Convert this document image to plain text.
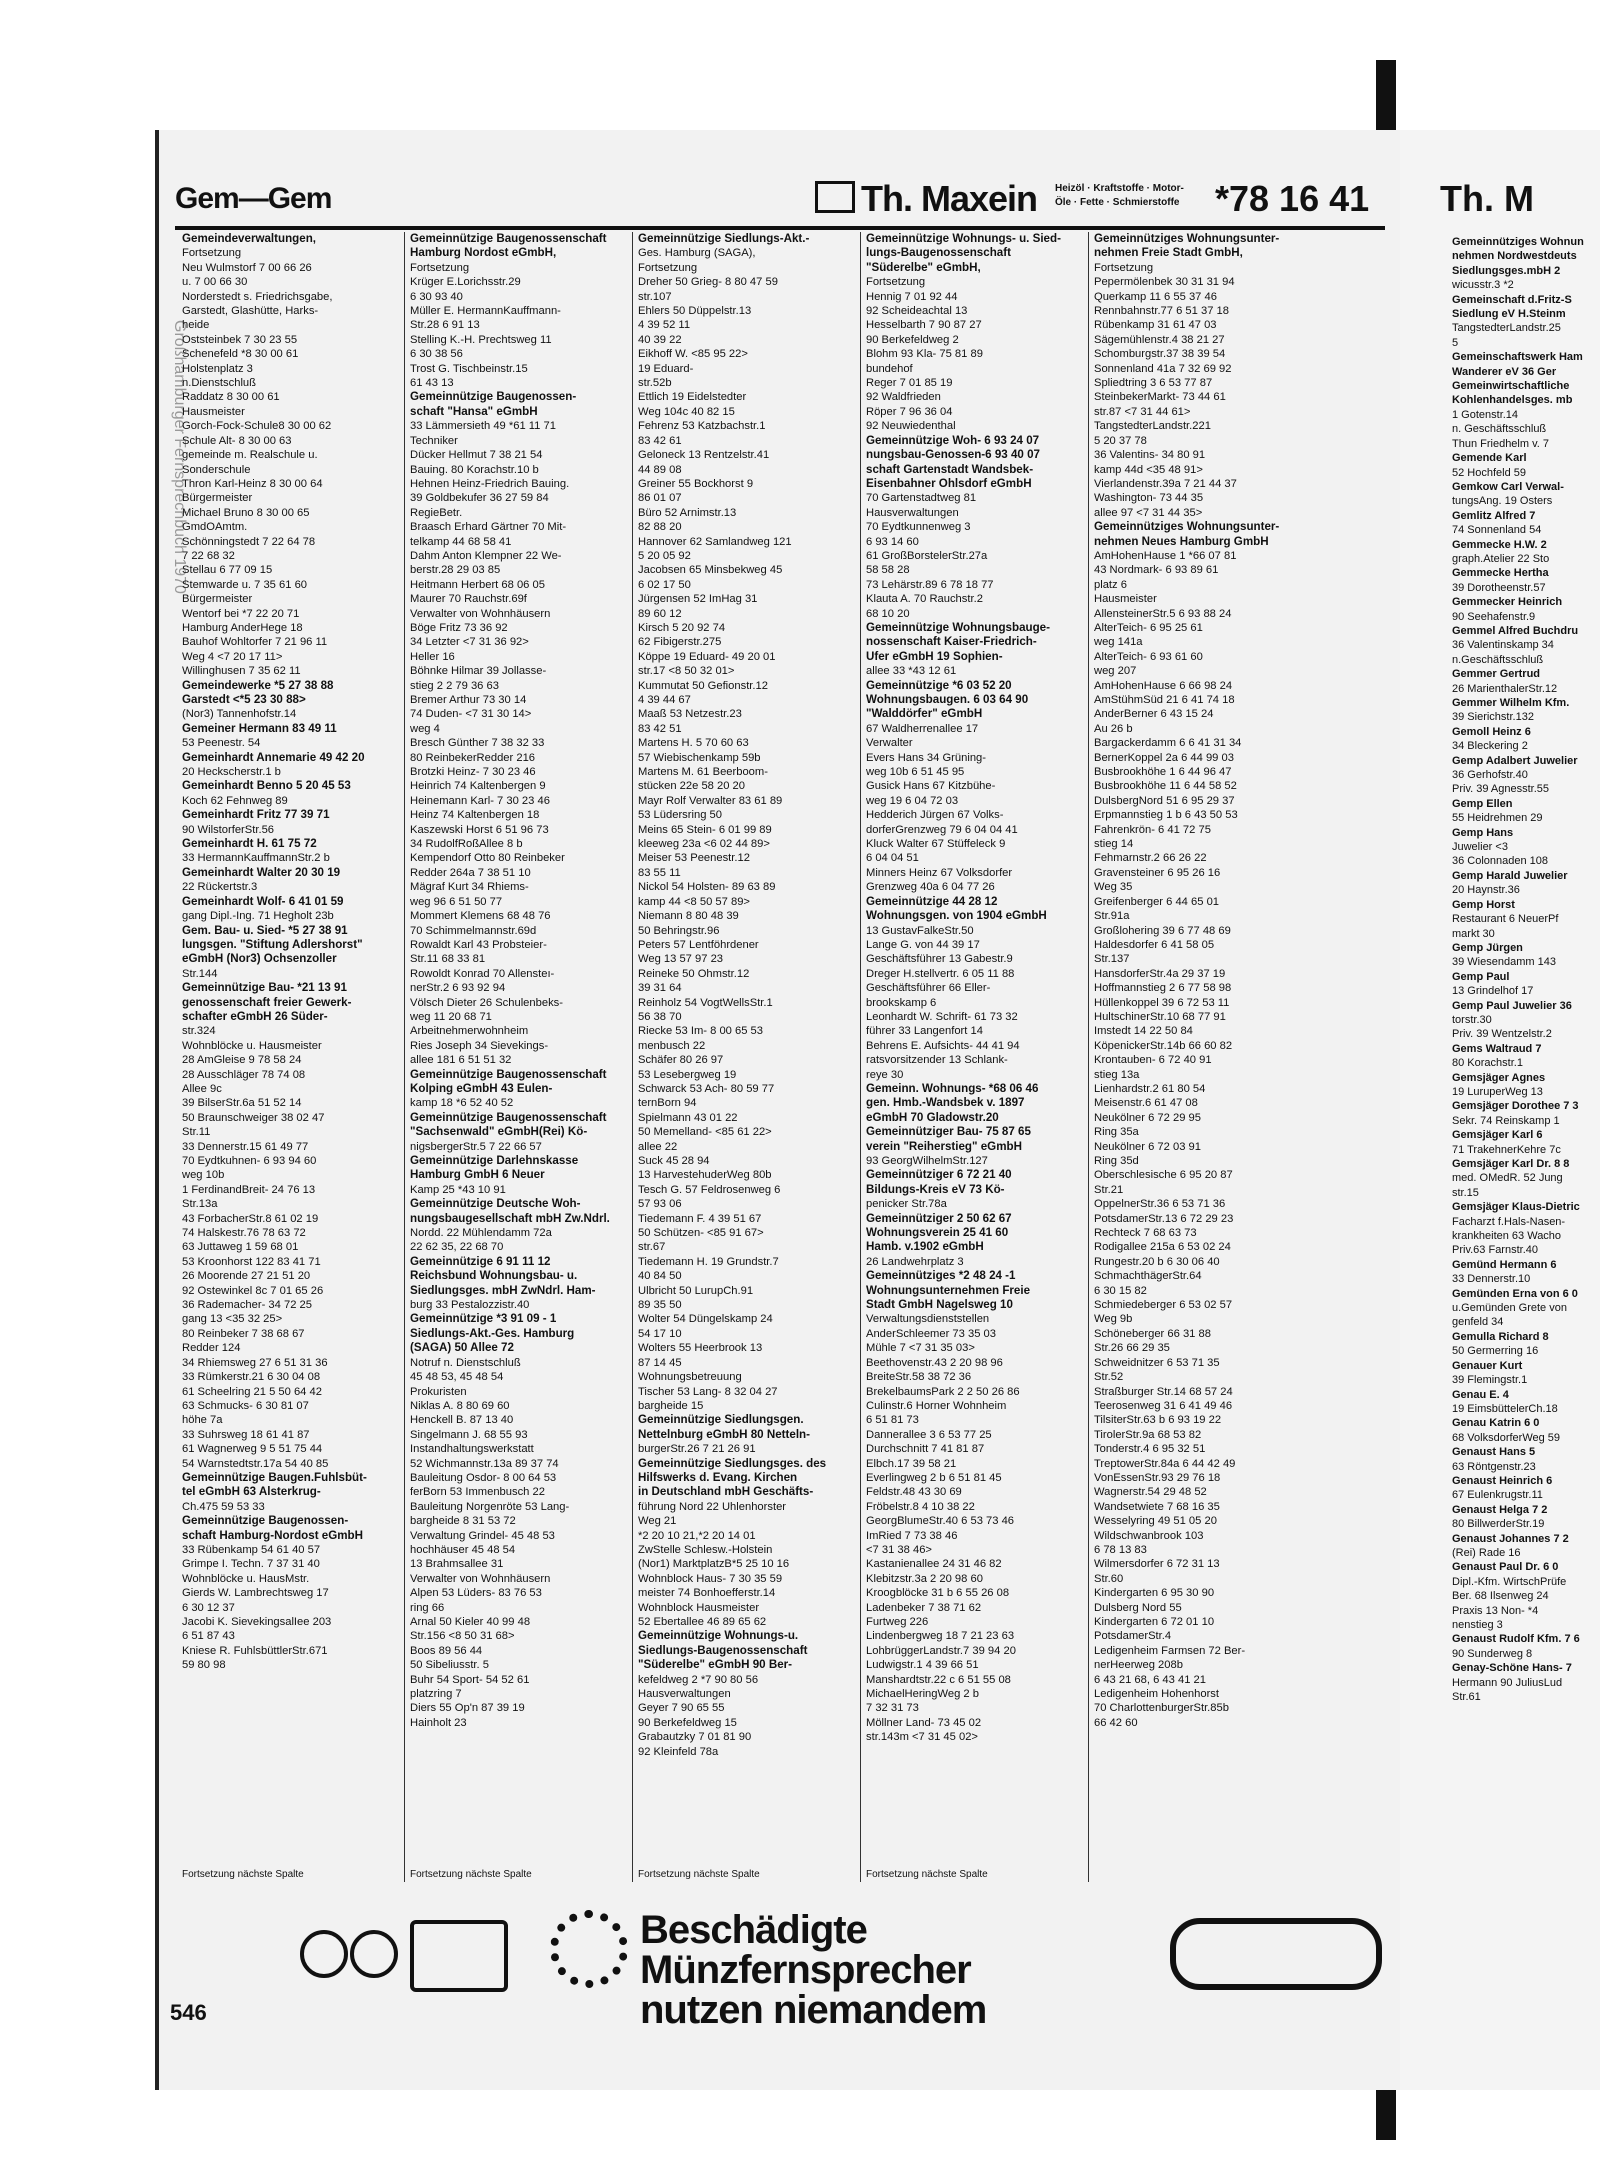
Th. M
Gemeinnütziges Wohnun
nehmen Nordwestdeuts
Siedlungsges.mbH 2
wicusstr.3 *2
Gemeinschaft d.Fritz-S
Siedlung eV H.Steinm
TangstedterLandstr.25
5
Gemeinschaftswerk Ham
Wanderer eV 36 Ger
Gemeinwirtschaftliche
Kohlenhandelsges. mb
1 Gotenstr.14
n. Geschäftsschluß
Thun Friedhelm v. 7
Gemende Karl
52 Hochfeld 59
Gemkow Carl Verwal-
tungsAng. 19 Osters
Gemlitz Alfred 7
74 Sonnenland 54
Gemmecke H.W. 2
graph.Atelier 22 Sto
Gemmecke Hertha
39 Dorotheenstr.57
Gemmecker Heinrich
90 Seehafenstr.9
Gemmel Alfred Buchdru
36 Valentinskamp 34
n.Geschäftsschluß
Gemmer Gertrud
26 MarienthalerStr.12
Gemmer Wilhelm Kfm.
39 Sierichstr.132
Gemoll Heinz 6
34 Bleckering 2
Gemp Adalbert Juwelier
36 Gerhofstr.40
Priv. 39 Agnesstr.55
Gemp Ellen
55 Heidrehmen 29
Gemp Hans
Juwelier <3
36 Colonnaden 108
Gemp Harald Juwelier
20 Haynstr.36
Gemp Horst
Restaurant 6 NeuerPf
markt 30
Gemp Jürgen
39 Wiesendamm 143
Gemp Paul
13 Grindelhof 17
Gemp Paul Juwelier 36
torstr.30
Priv. 39 Wentzelstr.2
Gems Waltraud 7
80 Korachstr.1
Gemsjäger Agnes
19 LuruperWeg 13
Gemsjäger Dorothee 7 3
Sekr. 74 Reinskamp 1
Gemsjäger Karl 6
71 TrakehnerKehre 7c
Gemsjäger Karl Dr. 8 8
med. OMedR. 52 Jung
str.15
Gemsjäger Klaus-Dietric
Facharzt f.Hals-Nasen-
krankheiten 63 Wacho
Priv.63 Farnstr.40
Gemünd Hermann 6
33 Dennerstr.10
Gemünden Erna von 6 0
u.Gemünden Grete von
genfeld 34
Gemulla Richard 8
50 Germerring 16
Genauer Kurt
39 Flemingstr.1
Genau E. 4
19 EimsbüttelerCh.18
Genau Katrin 6 0
68 VolksdorferWeg 59
Genaust Hans 5
63 Röntgenstr.23
Genaust Heinrich 6
67 Eulenkrugstr.11
Genaust Helga 7 2
80 BillwerderStr.19
Genaust Johannes 7 2
(Rei) Rade 16
Genaust Paul Dr. 6 0
Dipl.-Kfm. WirtschPrüfe
Ber. 68 Ilsenweg 24
Praxis 13 Non- *4
nenstieg 3
Genaust Rudolf Kfm. 7 6
90 Sunderweg 8
Genay-Schöne Hans- 7
Hermann 90 JuliusLud
Str.61
Großhamburger Fernsprechbuch 1970
Gem—Gem	Th. Maxein Heizöl · Kraftstoffe · Motor-
Öle · Fette · Schmierstoffe *78 16 41
Gemeindeverwaltungen,
Fortsetzung
Neu Wulmstorf 7 00 66 26
u. 7 00 66 30
Norderstedt s. Friedrichsgabe,
Garstedt, Glashütte, Harks-
heide
Oststeinbek 7 30 23 55
Schenefeld *8 30 00 61
Holstenplatz 3
n.Dienstschluß
Raddatz 8 30 00 61
Hausmeister
Gorch-Fock-Schule8 30 00 62
Schule Alt- 8 30 00 63
gemeinde m. Realschule u.
Sonderschule
Thron Karl-Heinz 8 30 00 64
Bürgermeister
Michael Bruno 8 30 00 65
GmdOAmtm.
Schönningstedt 7 22 64 78
7 22 68 32
Stellau 6 77 09 15
Stemwarde u. 7 35 61 60
Bürgermeister
Wentorf bei *7 22 20 71
Hamburg AnderHege 18
Bauhof Wohltorfer 7 21 96 11
Weg 4 <7 20 17 11>
Willinghusen 7 35 62 11
Gemeindewerke *5 27 38 88
Garstedt <*5 23 30 88>
(Nor3) Tannenhofstr.14
Gemeiner Hermann 83 49 11
53 Peenestr. 54
Gemeinhardt Annemarie 49 42 20
20 Heckscherstr.1 b
Gemeinhardt Benno 5 20 45 53
Koch 62 Fehnweg 89
Gemeinhardt Fritz 77 39 71
90 WilstorferStr.56
Gemeinhardt H. 61 75 72
33 HermannKauffmannStr.2 b
Gemeinhardt Walter 20 30 19
22 Rückertstr.3
Gemeinhardt Wolf- 6 41 01 59
gang Dipl.-Ing. 71 Hegholt 23b
Gem. Bau- u. Sied- *5 27 38 91
lungsgen. "Stiftung Adlershorst"
eGmbH (Nor3) Ochsenzoller
Str.144
Gemeinnützige Bau- *21 13 91
genossenschaft freier Gewerk-
schafter eGmbH 26 Süder-
str.324
Wohnblöcke u. Hausmeister
28 AmGleise 9 78 58 24
28 Ausschläger 78 74 08
Allee 9c
39 BilserStr.6a 51 52 14
50 Braunschweiger 38 02 47
Str.11
33 Dennerstr.15 61 49 77
70 Eydtkuhnen- 6 93 94 60
weg 10b
1 FerdinandBreit- 24 76 13
Str.13a
43 ForbacherStr.8 61 02 19
74 Halskestr.76 78 63 72
63 Juttaweg 1 59 68 01
53 Kroonhorst 122 83 41 71
26 Moorende 27 21 51 20
92 Ostewinkel 8c 7 01 65 26
36 Rademacher- 34 72 25
gang 13 <35 32 25>
80 Reinbeker 7 38 68 67
Redder 124
34 Rhiemsweg 27 6 51 31 36
33 Rümkerstr.21 6 30 04 08
61 Scheelring 21 5 50 64 42
63 Schmucks- 6 30 81 07
höhe 7a
33 Suhrsweg 18 61 41 87
61 Wagnerweg 9 5 51 75 44
54 Warnstedtstr.17a 54 40 85
Gemeinnützige Baugen.Fuhlsbüt-
tel eGmbH 63 Alsterkrug-
Ch.475 59 53 33
Gemeinnützige Baugenossen-
schaft Hamburg-Nordost eGmbH
33 Rübenkamp 54 61 40 57
Grimpe I. Techn. 7 37 31 40
Wohnblöcke u. HausMstr.
Gierds W. Lambrechtsweg 17
6 30 12 37
Jacobi K. SievekingsalIee 203
6 51 87 43
Kniese R. FuhlsbüttlerStr.671
59 80 98
Fortsetzung nächste Spalte
Gemeinnützige Baugenossenschaft
Hamburg Nordost eGmbH,
Fortsetzung
Krüger E.Lorichsstr.29
6 30 93 40
Müller E. HermannKauffmann-
Str.28 6 91 13
Stelling K.-H. Prechtsweg 11
6 30 38 56
Trost G. Tischbeinstr.15
61 43 13
Gemeinnützige Baugenossen-
schaft "Hansa" eGmbH
33 Lämmersieth 49 *61 11 71
Techniker
Dücker Hellmut 7 38 21 54
Bauing. 80 Korachstr.10 b
Hehnen Heinz-Friedrich Bauing.
39 Goldbekufer 36 27 59 84
RegieBetr.
Braasch Erhard Gärtner 70 Mit-
telkamp 44 68 58 41
Dahm Anton Klempner 22 We-
berstr.28 29 03 85
Heitmann Herbert 68 06 05
Maurer 70 Rauchstr.69f
Verwalter von Wohnhäusern
Böge Fritz 73 36 92
34 Letzter <7 31 36 92>
Heller 16
Böhnke Hilmar 39 Jollasse-
stieg 2 2 79 36 63
Bremer Arthur 73 30 14
74 Duden- <7 31 30 14>
weg 4
Bresch Günther 7 38 32 33
80 ReinbekerRedder 216
Brotzki Heinz- 7 30 23 46
Heinrich 74 Kaltenbergen 9
Heinemann Karl- 7 30 23 46
Heinz 74 Kaltenbergen 18
Kaszewski Horst 6 51 96 73
34 RudolfRoßAllee 8 b
Kempendorf Otto 80 Reinbeker
Redder 264a 7 38 51 10
Mägraf Kurt 34 Rhiems-
weg 96 6 51 50 77
Mommert Klemens 68 48 76
70 Schimmelmannstr.69d
Rowaldt Karl 43 Probsteier-
Str.11 68 33 81
Rowoldt Konrad 70 Allensteı-
nerStr.2 6 93 92 94
Völsch Dieter 26 Schulenbeks-
weg 11 20 68 71
Arbeitnehmerwohnheim
Ries Joseph 34 Sievekings-
allee 181 6 51 51 32
Gemeinnützige Baugenossenschaft
Kolping eGmbH 43 Eulen-
kamp 18 *6 52 40 52
Gemeinnützige Baugenossenschaft
"Sachsenwald" eGmbH(Rei) Kö-
nigsbergerStr.5 7 22 66 57
Gemeinnützige Darlehnskasse
Hamburg GmbH 6 Neuer
Kamp 25 *43 10 91
Gemeinnützige Deutsche Woh-
nungsbaugesellschaft mbH Zw.Ndrl.
Nordd. 22 Mühlendamm 72a
22 62 35, 22 68 70
Gemeinnützige 6 91 11 12
Reichsbund Wohnungsbau- u.
Siedlungsges. mbH ZwNdrl. Ham-
burg 33 Pestalozzistr.40
Gemeinnützige *3 91 09 - 1
Siedlungs-Akt.-Ges. Hamburg
(SAGA) 50 Allee 72
Notruf n. Dienstschluß
45 48 53, 45 48 54
Prokuristen
Niklas A. 8 80 69 60
Henckell B. 87 13 40
Singelmann J. 68 55 93
Instandhaltungswerkstatt
52 Wichmannstr.13a 89 37 74
Bauleitung Osdor- 8 00 64 53
ferBorn 53 Immenbusch 22
Bauleitung Norgenröte 53 Lang-
bargheide 8 31 53 72
Verwaltung Grindel- 45 48 53
hochhäuser 45 48 54
13 Brahmsallee 31
Verwalter von Wohnhäusern
Alpen 53 Lüders- 83 76 53
ring 66
Arnal 50 Kieler 40 99 48
Str.156 <8 50 31 68>
Boos 89 56 44
50 Sibeliusstr. 5
Buhr 54 Sport- 54 52 61
platzring 7
Diers 55 Op'n 87 39 19
Hainholt 23
Fortsetzung nächste Spalte
Gemeinnützige Siedlungs-Akt.-
Ges. Hamburg (SAGA),
Fortsetzung
Dreher 50 Grieg- 8 80 47 59
str.107
Ehlers 50 Düppelstr.13
4 39 52 11
40 39 22
Eikhoff W. <85 95 22>
19 Eduard-
str.52b
Ettlich 19 Eidelstedter
Weg 104c 40 82 15
Fehrenz 53 Katzbachstr.1
83 42 61
Geloneck 13 Rentzelstr.41
44 89 08
Greiner 55 Bockhorst 9
86 01 07
Büro 52 Arnimstr.13
82 88 20
Hannover 62 Samlandweg 121
5 20 05 92
Jacobsen 65 Minsbekweg 45
6 02 17 50
Jürgensen 52 ImHag 31
89 60 12
Kirsch 5 20 92 74
62 Fibigerstr.275
Köppe 19 Eduard- 49 20 01
str.17 <8 50 32 01>
Kummutat 50 Gefionstr.12
4 39 44 67
Maaß 53 Netzestr.23
83 42 51
Martens H. 5 70 60 63
57 Wiebischenkamp 59b
Martens M. 61 Beerboom-
stücken 22e 58 20 20
Mayr Rolf Verwalter 83 61 89
53 Lüdersring 50
Meins 65 Stein- 6 01 99 89
kleeweg 23a <6 02 44 89>
Meiser 53 Peenestr.12
83 55 11
Nickol 54 Holsten- 89 63 89
kamp 44 <8 50 57 89>
Niemann 8 80 48 39
50 Behringstr.96
Peters 57 Lentföhrdener
Weg 13 57 97 23
Reineke 50 Ohmstr.12
39 31 64
Reinholz 54 VogtWellsStr.1
56 38 70
Riecke 53 Im- 8 00 65 53
menbusch 22
Schäfer 80 26 97
53 Lesebergweg 19
Schwarck 53 Ach- 80 59 77
ternBorn 94
Spielmann 43 01 22
50 Memelland- <85 61 22>
allee 22
Suck 45 28 94
13 HarvestehuderWeg 80b
Tesch G. 57 Feldrosenweg 6
57 93 06
Tiedemann F. 4 39 51 67
50 Schützen- <85 91 67>
str.67
Tiedemann H. 19 Grundstr.7
40 84 50
Ulbricht 50 LurupCh.91
89 35 50
Wolter 54 Düngelskamp 24
54 17 10
Wolters 55 Heerbrook 13
87 14 45
Wohnungsbetreuung
Tischer 53 Lang- 8 32 04 27
bargheide 15
Gemeinnützige Siedlungsgen.
Nettelnburg eGmbH 80 Netteln-
burgerStr.26 7 21 26 91
Gemeinnützige Siedlungsges. des
Hilfswerks d. Evang. Kirchen
in Deutschland mbH Geschäfts-
führung Nord 22 Uhlenhorster
Weg 21
*2 20 10 21,*2 20 14 01
ZwStelle Schlesw.-Holstein
(Nor1) MarktplatzB*5 25 10 16
Wohnblock Haus- 7 30 35 59
meister 74 Bonhoefferstr.14
Wohnblock Hausmeister
52 Ebertallee 46 89 65 62
Gemeinnützige Wohnungs-u.
Siedlungs-Baugenossenschaft
"Süderelbe" eGmbH 90 Ber-
kefeldweg 2 *7 90 80 56
Hausverwaltungen
Geyer 7 90 65 55
90 Berkefeldweg 15
Grabautzky 7 01 81 90
92 Kleinfeld 78a
Fortsetzung nächste Spalte
Gemeinnützige Wohnungs- u. Sied-
lungs-Baugenossenschaft
"Süderelbe" eGmbH,
Fortsetzung
Hennig 7 01 92 44
92 Scheideachtal 13
Hesselbarth 7 90 87 27
90 Berkefeldweg 2
Blohm 93 Kla- 75 81 89
bundehof
Reger 7 01 85 19
92 Waldfrieden
Röper 7 96 36 04
92 Neuwiedenthal
Gemeinnützige Woh- 6 93 24 07
nungsbau-Genossen-6 93 40 07
schaft Gartenstadt Wandsbek-
Eisenbahner Ohlsdorf eGmbH
70 Gartenstadtweg 81
Hausverwaltungen
70 Eydtkunnenweg 3
6 93 14 60
61 GroßBorstelerStr.27a
58 58 28
73 Lehärstr.89 6 78 18 77
Klauta A. 70 Rauchstr.2
68 10 20
Gemeinnützige Wohnungsbauge-
nossenschaft Kaiser-Friedrich-
Ufer eGmbH 19 Sophien-
allee 33 *43 12 61
Gemeinnützige *6 03 52 20
Wohnungsbaugen. 6 03 64 90
"Walddörfer" eGmbH
67 Waldherrenallee 17
Verwalter
Evers Hans 34 Grüning-
weg 10b 6 51 45 95
Gusick Hans 67 Kitzbühe-
weg 19 6 04 72 03
Hedderich Jürgen 67 Volks-
dorferGrenzweg 79 6 04 04 41
Kluck Walter 67 Stüffeleck 9
6 04 04 51
Minners Heinz 67 Volksdorfer
Grenzweg 40a 6 04 77 26
Gemeinnützige 44 28 12
Wohnungsgen. von 1904 eGmbH
13 GustavFalkeStr.50
Lange G. von 44 39 17
Geschäftsführer 13 Gabestr.9
Dreger H.stellvertr. 6 05 11 88
Geschäftsführer 66 Eller-
brookskamp 6
Leonhardt W. Schrift- 61 73 32
führer 33 Langenfort 14
Behrens E. Aufsichts- 44 41 94
ratsvorsitzender 13 Schlank-
reye 30
Gemeinn. Wohnungs- *68 06 46
gen. Hmb.-Wandsbek v. 1897
eGmbH 70 Gladowstr.20
Gemeinnütziger Bau- 75 87 65
verein "Reiherstieg" eGmbH
93 GeorgWilhelmStr.127
Gemeinnütziger 6 72 21 40
Bildungs-Kreis eV 73 Kö-
penicker Str.78a
Gemeinnütziger 2 50 62 67
Wohnungsverein 25 41 60
Hamb. v.1902 eGmbH
26 Landwehrplatz 3
Gemeinnütziges *2 48 24 -1
Wohnungsunternehmen Freie
Stadt GmbH Nagelsweg 10
Verwaltungsdienststellen
AnderSchleemer 73 35 03
Mühle 7 <7 31 35 03>
Beethovenstr.43 2 20 98 96
BreiteStr.58 38 72 36
BrekelbaumsPark 2 2 50 26 86
Culinstr.6 Horner Wohnheim
6 51 81 73
Dannerallee 3 6 53 77 25
Durchschnitt 7 41 81 87
Elbch.17 39 58 21
Everlingweg 2 b 6 51 81 45
Feldstr.48 43 30 69
Fröbelstr.8 4 10 38 22
GeorgBlumeStr.40 6 53 73 46
ImRied 7 73 38 46
<7 31 38 46>
Kastanienallee 24 31 46 82
Klebitzstr.3a 2 20 98 60
Kroogblöcke 31 b 6 55 26 08
Ladenbeker 7 38 71 62
Furtweg 226
Lindenbergweg 18 7 21 23 63
LohbrüggerLandstr.7 39 94 20
Ludwigstr.1 4 39 66 51
Manshardtstr.22 c 6 51 55 08
MichaelHeringWeg 2 b
7 32 31 73
Möllner Land- 73 45 02
str.143m <7 31 45 02>
Fortsetzung nächste Spalte
Gemeinnütziges Wohnungsunter-
nehmen Freie Stadt GmbH,
Fortsetzung
Pepermölenbek 30 31 31 94
Querkamp 11 6 55 37 46
Rennbahnstr.77 6 51 37 18
Rübenkamp 31 61 47 03
Sägemühlenstr.4 38 21 27
Schomburgstr.37 38 39 54
Sonnenland 41a 7 32 69 92
Spliedtring 3 6 53 77 87
SteinbekerMarkt- 73 44 61
str.87 <7 31 44 61>
TangstedterLandstr.221
5 20 37 78
36 Valentins- 34 80 91
kamp 44d <35 48 91>
Vierlandenstr.39a 7 21 44 37
Washington- 73 44 35
allee 97 <7 31 44 35>
Gemeinnütziges Wohnungsunter-
nehmen Neues Hamburg GmbH
AmHohenHause 1 *66 07 81
43 Nordmark- 6 93 89 61
platz 6
Hausmeister
AllensteinerStr.5 6 93 88 24
AlterTeich- 6 95 25 61
weg 141a
AlterTeich- 6 93 61 60
weg 207
AmHohenHause 6 66 98 24
AmStühmSüd 21 6 41 74 18
AnderBerner 6 43 15 24
Au 26 b
Bargackerdamm 6 6 41 31 34
BernerKoppel 2a 6 44 99 03
Busbrookhöhe 1 6 44 96 47
Busbrookhöhe 11 6 44 58 52
DulsbergNord 51 6 95 29 37
Erpmannstieg 1 b 6 43 50 53
Fahrenkrön- 6 41 72 75
stieg 14
Fehmarnstr.2 66 26 22
Gravensteiner 6 95 26 16
Weg 35
Greifenberger 6 44 65 01
Str.91a
Großlohering 39 6 77 48 69
Haldesdorfer 6 41 58 05
Str.137
HansdorferStr.4a 29 37 19
Hoffmannstieg 2 6 77 58 98
Hüllenkoppel 39 6 72 53 11
HultschinerStr.10 68 77 91
Imstedt 14 22 50 84
KöpenickerStr.14b 66 60 82
Krontauben- 6 72 40 91
stieg 13a
Lienhardstr.2 61 80 54
Meisenstr.6 61 47 08
Neukölner 6 72 29 95
Ring 35a
Neukölner 6 72 03 91
Ring 35d
Oberschlesische 6 95 20 87
Str.21
OppelnerStr.36 6 53 71 36
PotsdamerStr.13 6 72 29 23
Rechteck 7 68 63 73
Rodigallee 215a 6 53 02 24
Rungestr.20 b 6 30 06 40
SchmachthägerStr.64
6 30 15 82
Schmiedeberger 6 53 02 57
Weg 9b
Schöneberger 66 31 88
Str.26 66 29 35
Schweidnitzer 6 53 71 35
Str.52
Straßburger Str.14 68 57 24
Teerosenweg 31 6 41 49 46
TilsiterStr.63 b 6 93 19 22
TirolerStr.9a 68 53 82
Tonderstr.4 6 95 32 51
TreptowerStr.84a 6 44 42 49
VonEssenStr.93 29 76 18
Wagnerstr.54 29 48 52
Wandsetwiete 7 68 16 35
Wesselyring 49 51 05 20
Wildschwanbrook 103
6 78 13 83
Wilmersdorfer 6 72 31 13
Str.60
Kindergarten 6 95 30 90
Dulsberg Nord 55
Kindergarten 6 72 01 10
PotsdamerStr.4
Ledigenheim Farmsen 72 Ber-
nerHeerweg 208b
6 43 21 68, 6 43 41 21
Ledigenheim Hohenhorst
70 CharlottenburgerStr.85b
66 42 60
Beschädigte
Münzfernsprecher
nutzen niemandem
546
